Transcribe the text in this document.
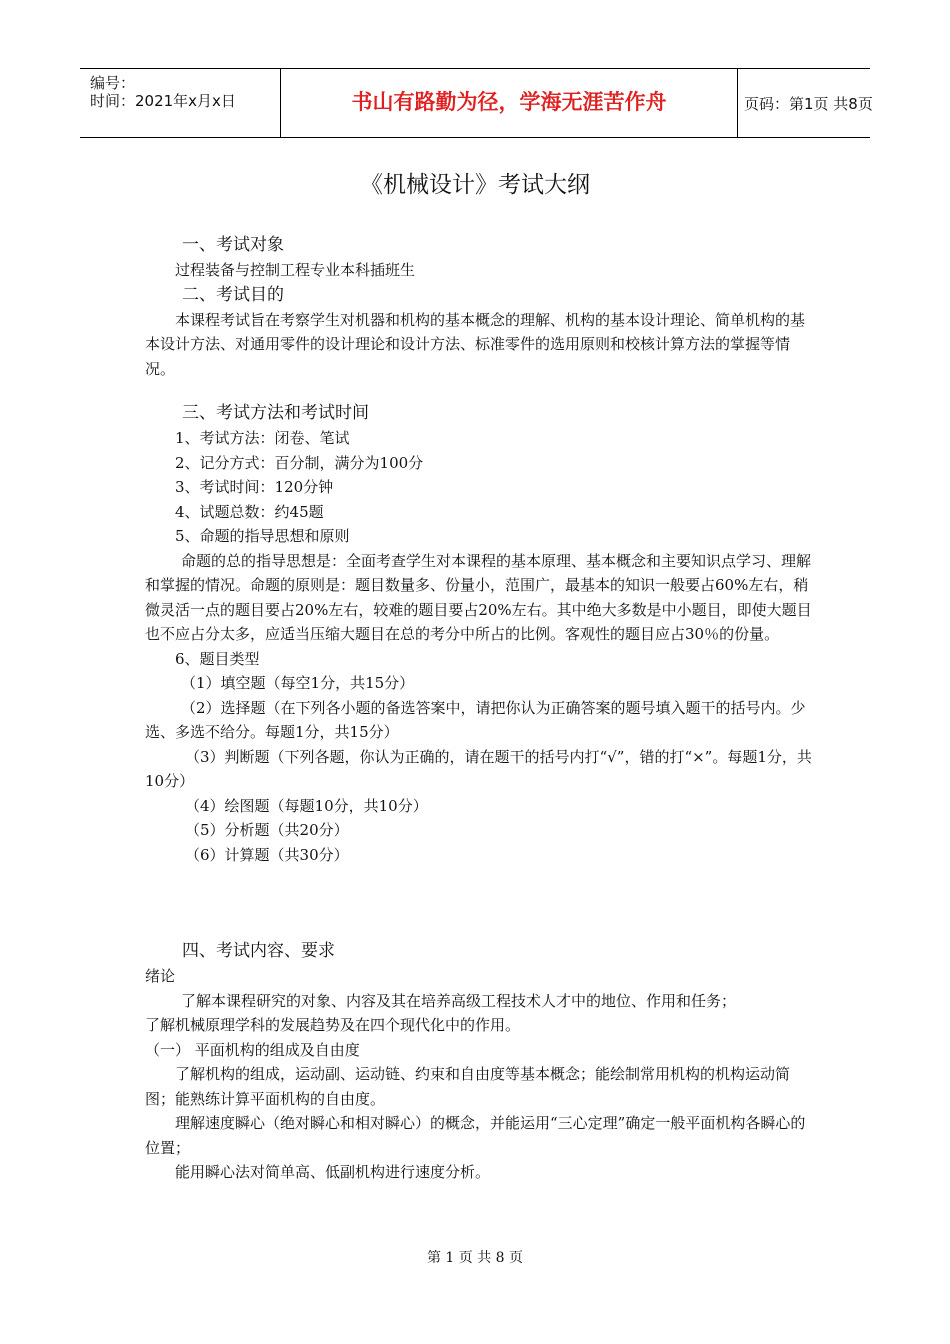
编号：
时间：2021年x月x日	书山有路勤为径，学海无涯苦作舟	页码：第1页 共8页
《机械设计》考试大纲

一、考试对象

过程装备与控制工程专业本科插班生

二、考试目的

本课程考试旨在考察学生对机器和机构的基本概念的理解、机构的基本设计理论、简单机构的基本设计方法、对通用零件的设计理论和设计方法、标准零件的选用原则和校核计算方法的掌握等情况。

三、考试方法和考试时间

1、考试方法：闭卷、笔试

2、记分方式：百分制，满分为100分

3、考试时间：120分钟

4、试题总数：约45题

5、命题的指导思想和原则

命题的总的指导思想是：全面考查学生对本课程的基本原理、基本概念和主要知识点学习、理解和掌握的情况。命题的原则是：题目数量多、份量小，范围广，最基本的知识一般要占60%左右，稍微灵活一点的题目要占20%左右，较难的题目要占20%左右。其中绝大多数是中小题目，即使大题目也不应占分太多，应适当压缩大题目在总的考分中所占的比例。客观性的题目应占30％的份量。

6、题目类型

（1）填空题（每空1分，共15分）

（2）选择题（在下列各小题的备选答案中，请把你认为正确答案的题号填入题干的括号内。少选、多选不给分。每题1分，共15分）

（3）判断题（下列各题，你认为正确的，请在题干的括号内打“√”，错的打“×”。每题1分，共10分）

（4）绘图题（每题10分，共10分）

（5）分析题（共20分）

（6）计算题（共30分）

四、考试内容、要求

绪论

了解本课程研究的对象、内容及其在培养高级工程技术人才中的地位、作用和任务；

了解机械原理学科的发展趋势及在四个现代化中的作用。

（一） 平面机构的组成及自由度

了解机构的组成，运动副、运动链、约束和自由度等基本概念；能绘制常用机构的机构运动简图；能熟练计算平面机构的自由度。

理解速度瞬心（绝对瞬心和相对瞬心）的概念，并能运用“三心定理”确定一般平面机构各瞬心的位置；

能用瞬心法对简单高、低副机构进行速度分析。

第 1 页 共 8 页
